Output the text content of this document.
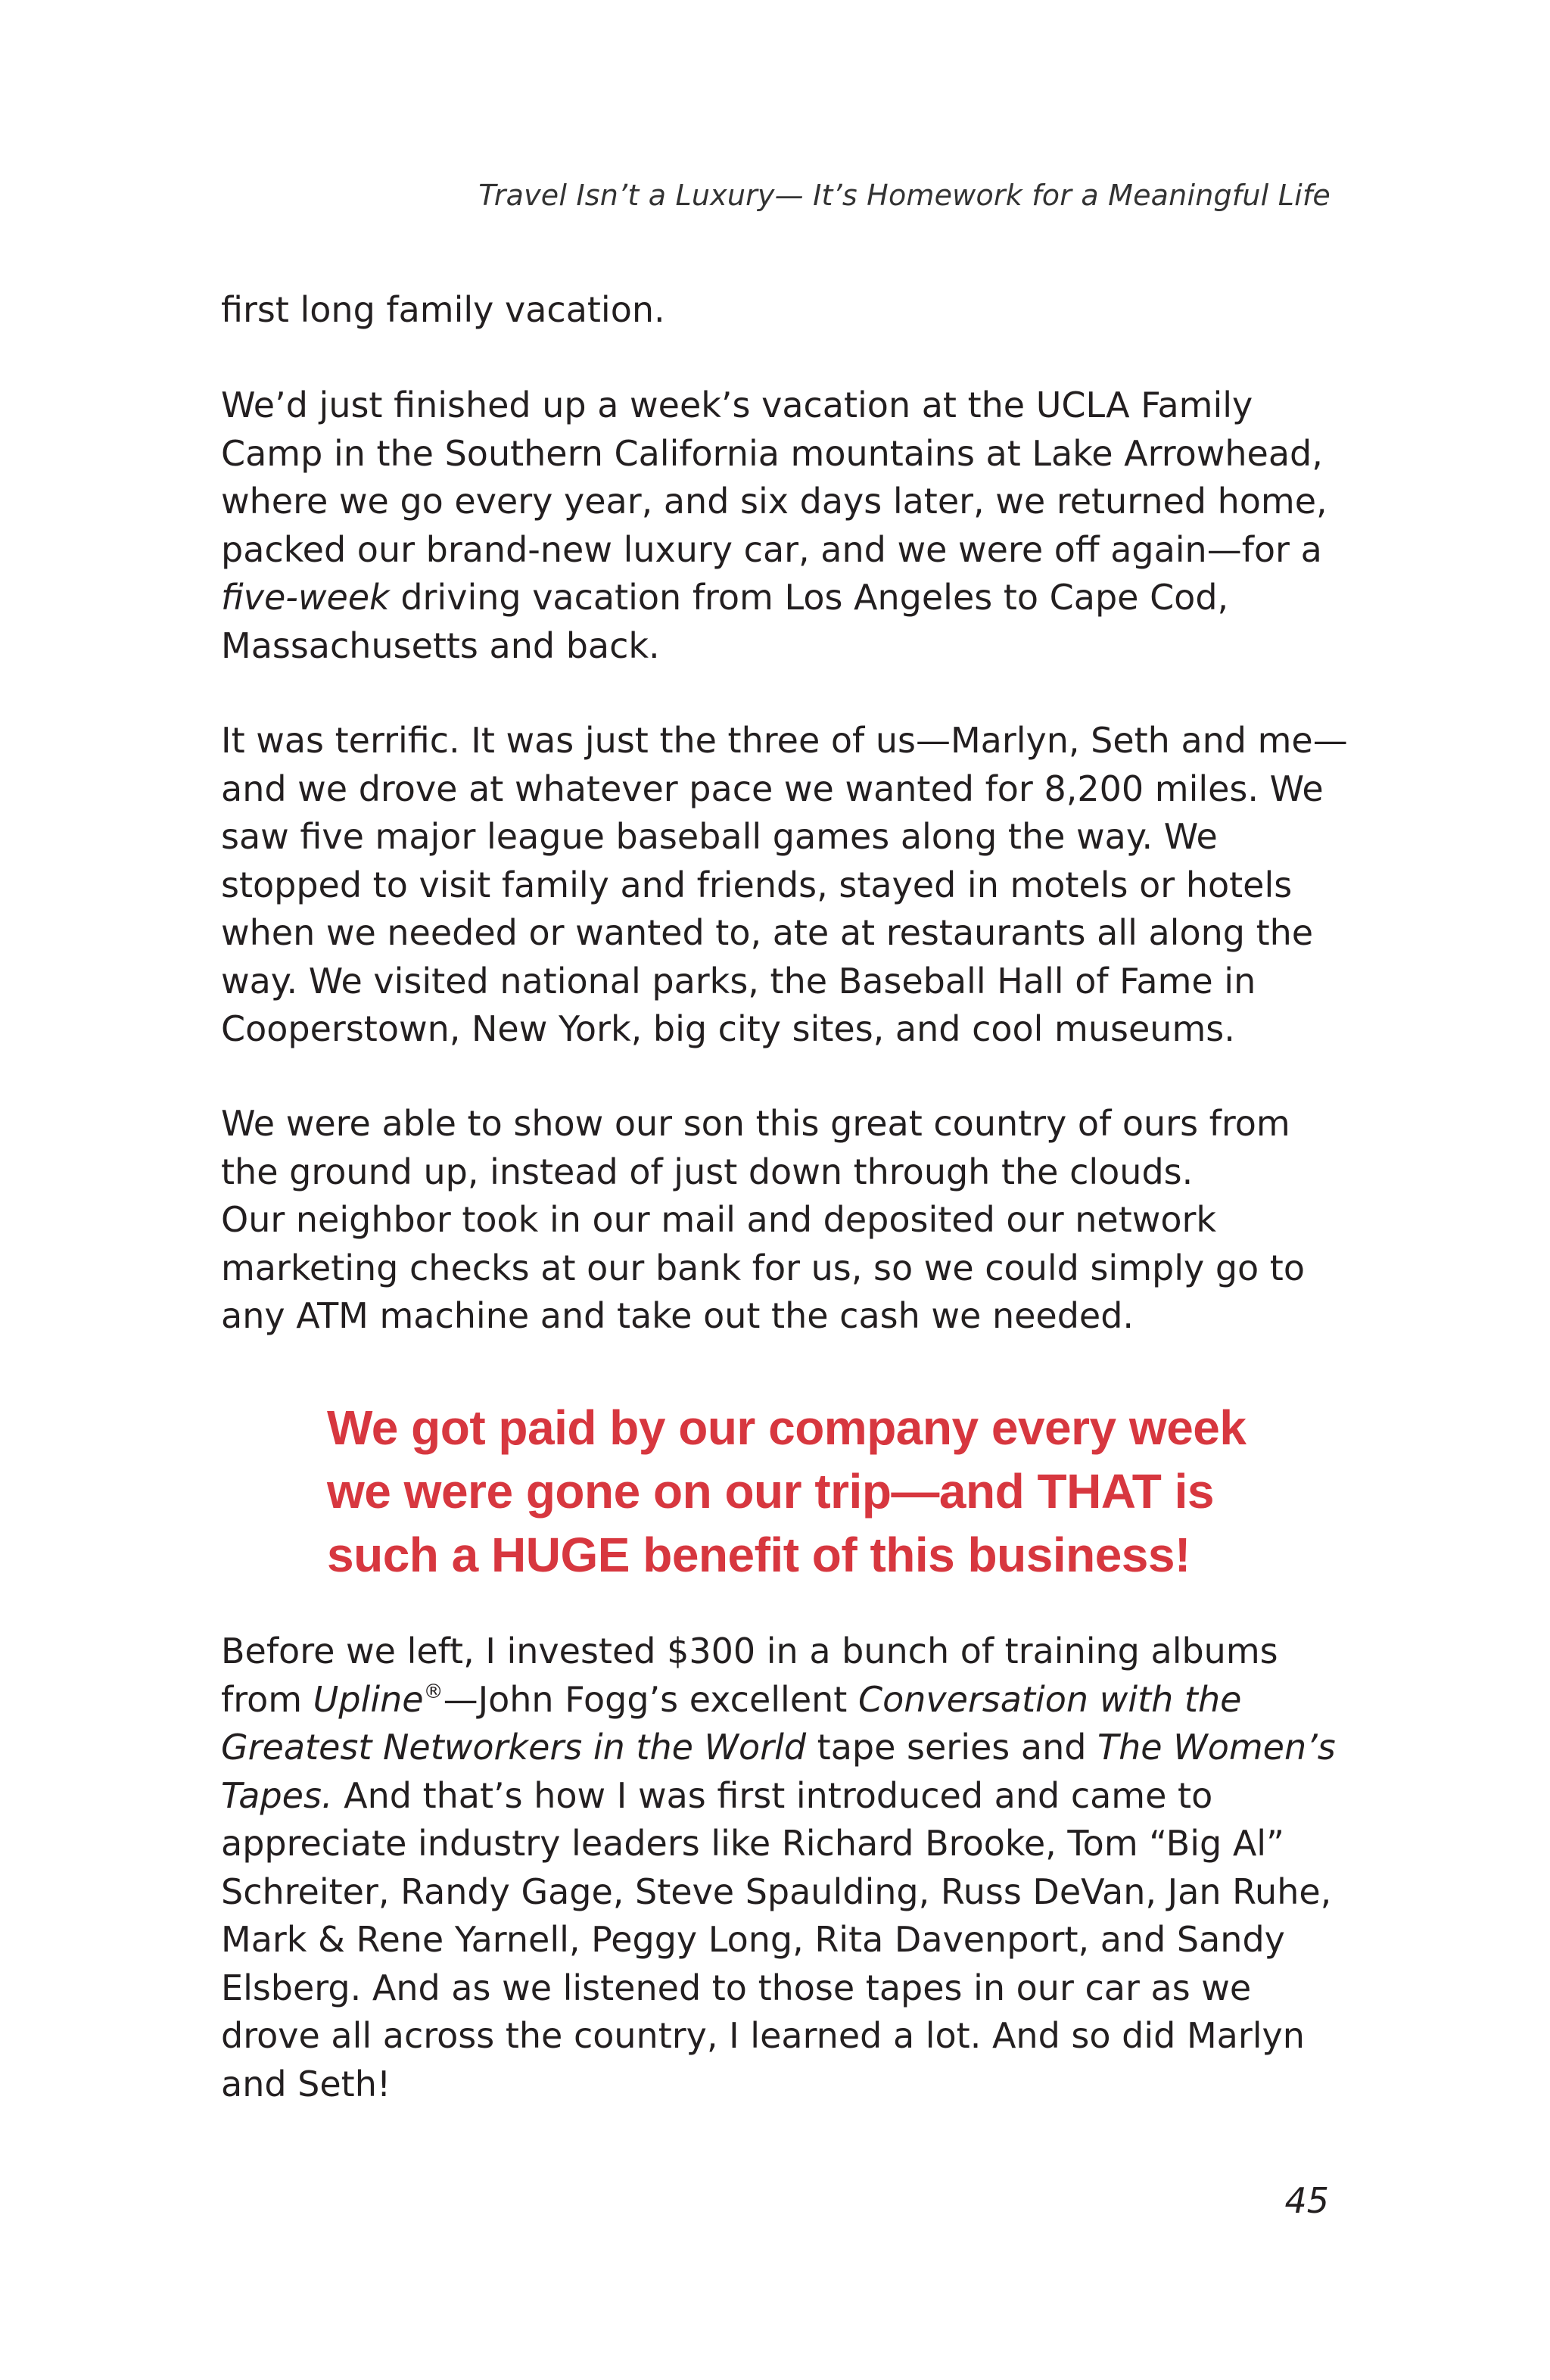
Travel Isn’t a Luxury— It’s Homework for a Meaningful Life
first long family vacation.
We’d just finished up a week’s vacation at the UCLA Family
Camp in the Southern California mountains at Lake Arrowhead,
where we go every year, and six days later, we returned home,
packed our brand-new luxury car, and we were off again—for a
five-week driving vacation from Los Angeles to Cape Cod,
Massachusetts and back.
It was terrific. It was just the three of us—Marlyn, Seth and me—
and we drove at whatever pace we wanted for 8,200 miles. We
saw five major league baseball games along the way. We
stopped to visit family and friends, stayed in motels or hotels
when we needed or wanted to, ate at restaurants all along the
way. We visited national parks, the Baseball Hall of Fame in
Cooperstown, New York, big city sites, and cool museums.
We were able to show our son this great country of ours from
the ground up, instead of just down through the clouds.
Our neighbor took in our mail and deposited our network
marketing checks at our bank for us, so we could simply go to
any ATM machine and take out the cash we needed.
We got paid by our company every week
we were gone on our trip—and THAT is
such a HUGE benefit of this business!
Before we left, I invested $300 in a bunch of training albums
from Upline®—John Fogg’s excellent Conversation with the
Greatest Networkers in the World tape series and The Women’s
Tapes. And that’s how I was first introduced and came to
appreciate industry leaders like Richard Brooke, Tom “Big Al”
Schreiter, Randy Gage, Steve Spaulding, Russ DeVan, Jan Ruhe,
Mark & Rene Yarnell, Peggy Long, Rita Davenport, and Sandy
Elsberg. And as we listened to those tapes in our car as we
drove all across the country, I learned a lot. And so did Marlyn
and Seth!
45
